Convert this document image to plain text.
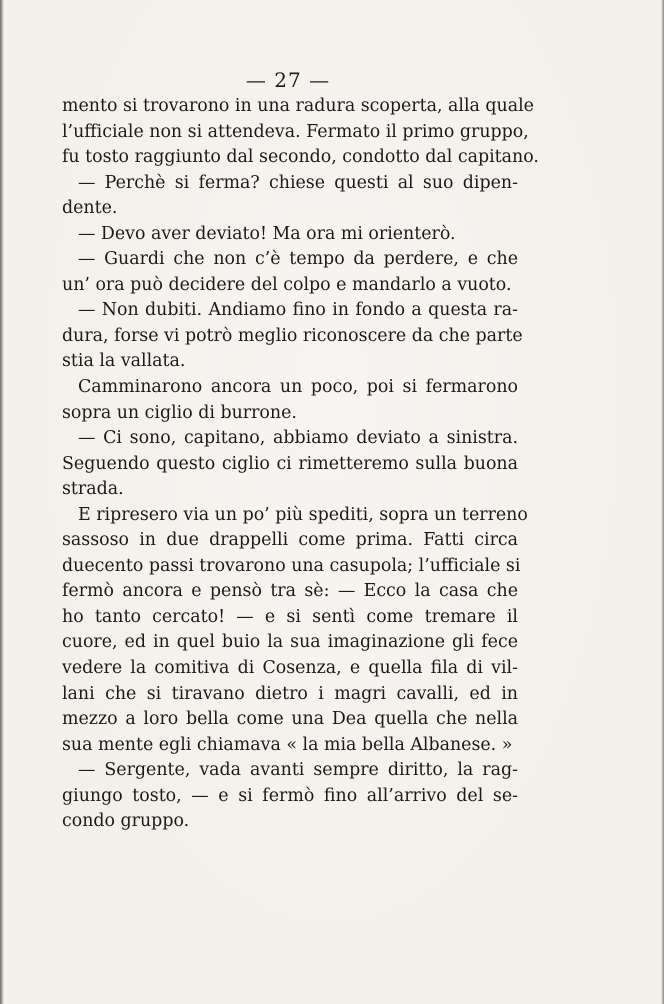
— 27 —
mento si trovarono in una radura scoperta, alla quale
l’ufficiale non si attendeva. Fermato il primo gruppo,
fu tosto raggiunto dal secondo, condotto dal capitano.
— Perchè si ferma? chiese questi al suo dipen-
dente.
— Devo aver deviato! Ma ora mi orienterò.
— Guardi che non c’è tempo da perdere, e che
un’ ora può decidere del colpo e mandarlo a vuoto.
— Non dubiti. Andiamo fino in fondo a questa ra-
dura, forse vi potrò meglio riconoscere da che parte
stia la vallata.
Camminarono ancora un poco, poi si fermarono
sopra un ciglio di burrone.
— Ci sono, capitano, abbiamo deviato a sinistra.
Seguendo questo ciglio ci rimetteremo sulla buona
strada.
E ripresero via un po’ più spediti, sopra un terreno
sassoso in due drappelli come prima. Fatti circa
duecento passi trovarono una casupola; l’ufficiale si
fermò ancora e pensò tra sè: — Ecco la casa che
ho tanto cercato! — e si sentì come tremare il
cuore, ed in quel buio la sua imaginazione gli fece
vedere la comitiva di Cosenza, e quella fila di vil-
lani che si tiravano dietro i magri cavalli, ed in
mezzo a loro bella come una Dea quella che nella
sua mente egli chiamava « la mia bella Albanese. »
— Sergente, vada avanti sempre diritto, la rag-
giungo tosto, — e si fermò fino all’arrivo del se-
condo gruppo.
